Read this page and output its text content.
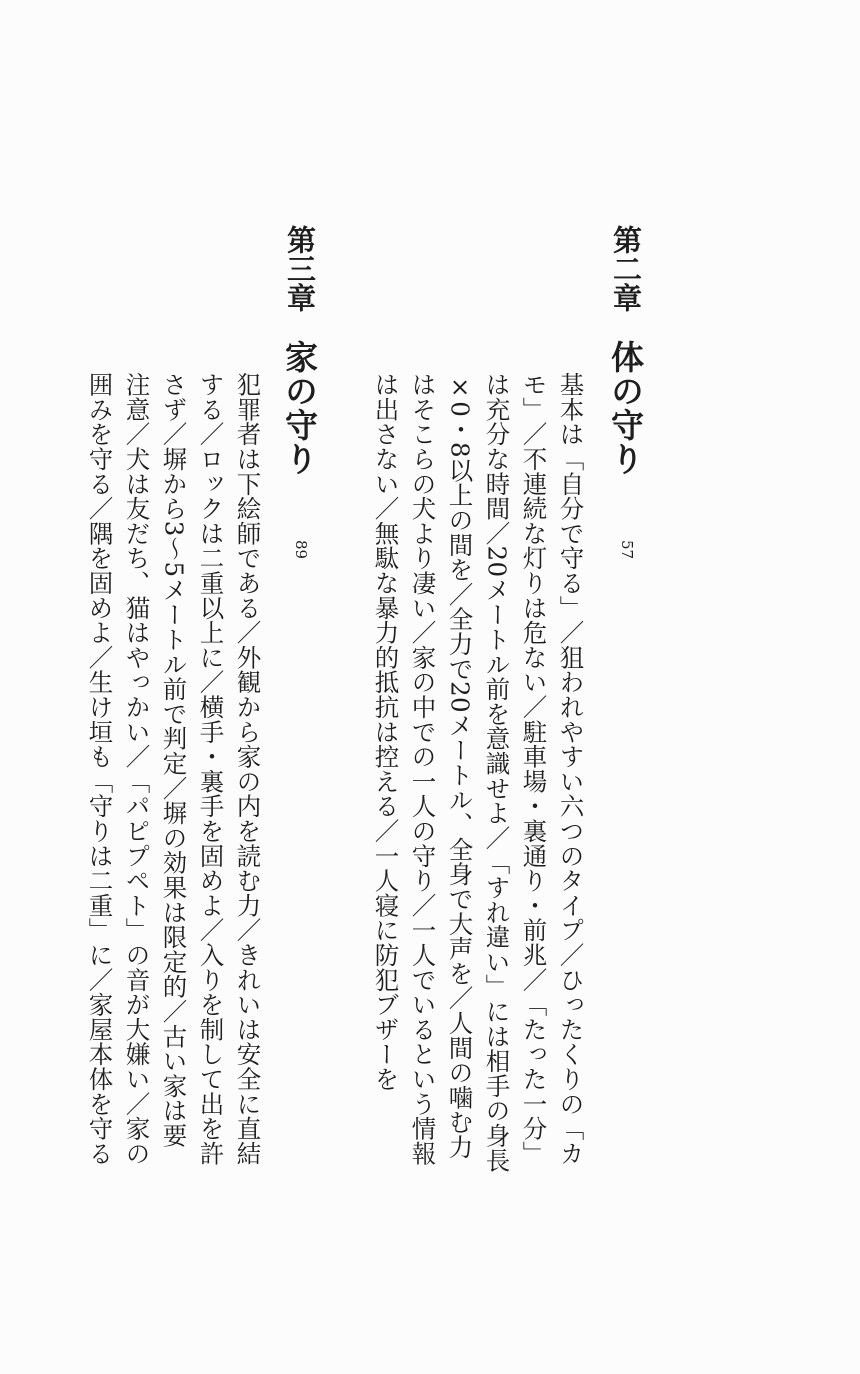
第二章
体の守り
57
基本は「自分で守る」／狙われやすい六つのタイプ／ひったくりの「カ
モ」／不連続な灯りは危ない／駐車場・裏通り・前兆／「たった一分」
は充分な時間／20メートル前を意識せよ／「すれ違い」には相手の身長
×0・8以上の間を／全力で20メートル、全身で大声を／人間の噛む力
はそこらの犬より凄い／家の中での一人の守り／一人でいるという情報
は出さない／無駄な暴力的抵抗は控える／一人寝に防犯ブザーを
第三章
家の守り
89
犯罪者は下絵師である／外観から家の内を読む力／きれいは安全に直結
する／ロックは二重以上に／横手・裏手を固めよ／入りを制して出を許
さず／塀から3〜5メートル前で判定／塀の効果は限定的／古い家は要
注意／犬は友だち、猫はやっかい／「パピプペト」の音が大嫌い／家の
囲みを守る／隅を固めよ／生け垣も「守りは二重」に／家屋本体を守る
